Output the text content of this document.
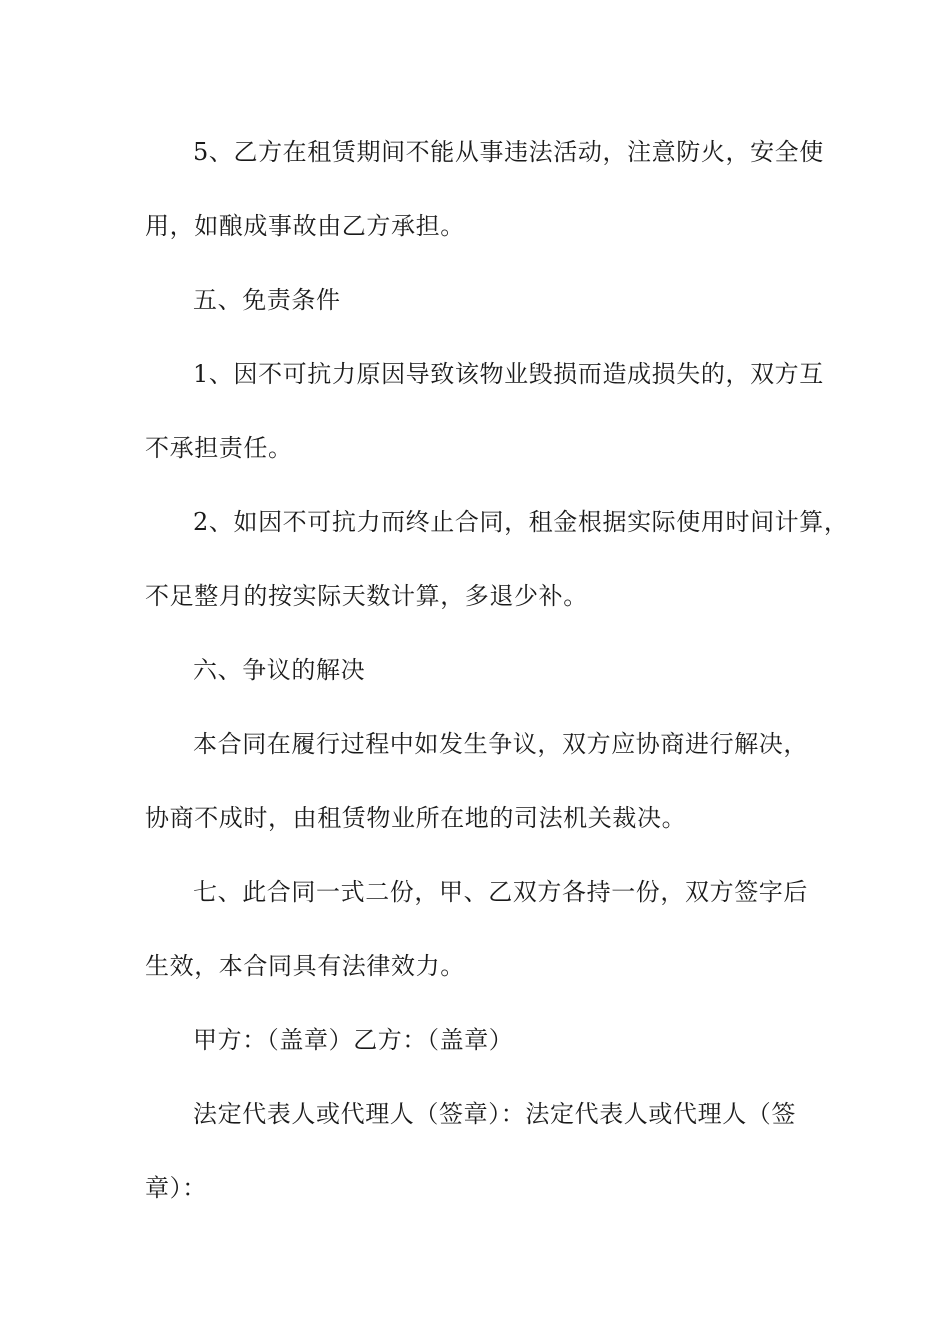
5、乙方在租赁期间不能从事违法活动，注意防火，安全使
用，如酿成事故由乙方承担。
五、免责条件
1、因不可抗力原因导致该物业毁损而造成损失的，双方互
不承担责任。
2、如因不可抗力而终止合同，租金根据实际使用时间计算，
不足整月的按实际天数计算，多退少补。
六、争议的解决
本合同在履行过程中如发生争议，双方应协商进行解决，
协商不成时，由租赁物业所在地的司法机关裁决。
七、此合同一式二份，甲、乙双方各持一份，双方签字后
生效，本合同具有法律效力。
甲方：（盖章）乙方：（盖章）
法定代表人或代理人（签章）：法定代表人或代理人（签
章）：
